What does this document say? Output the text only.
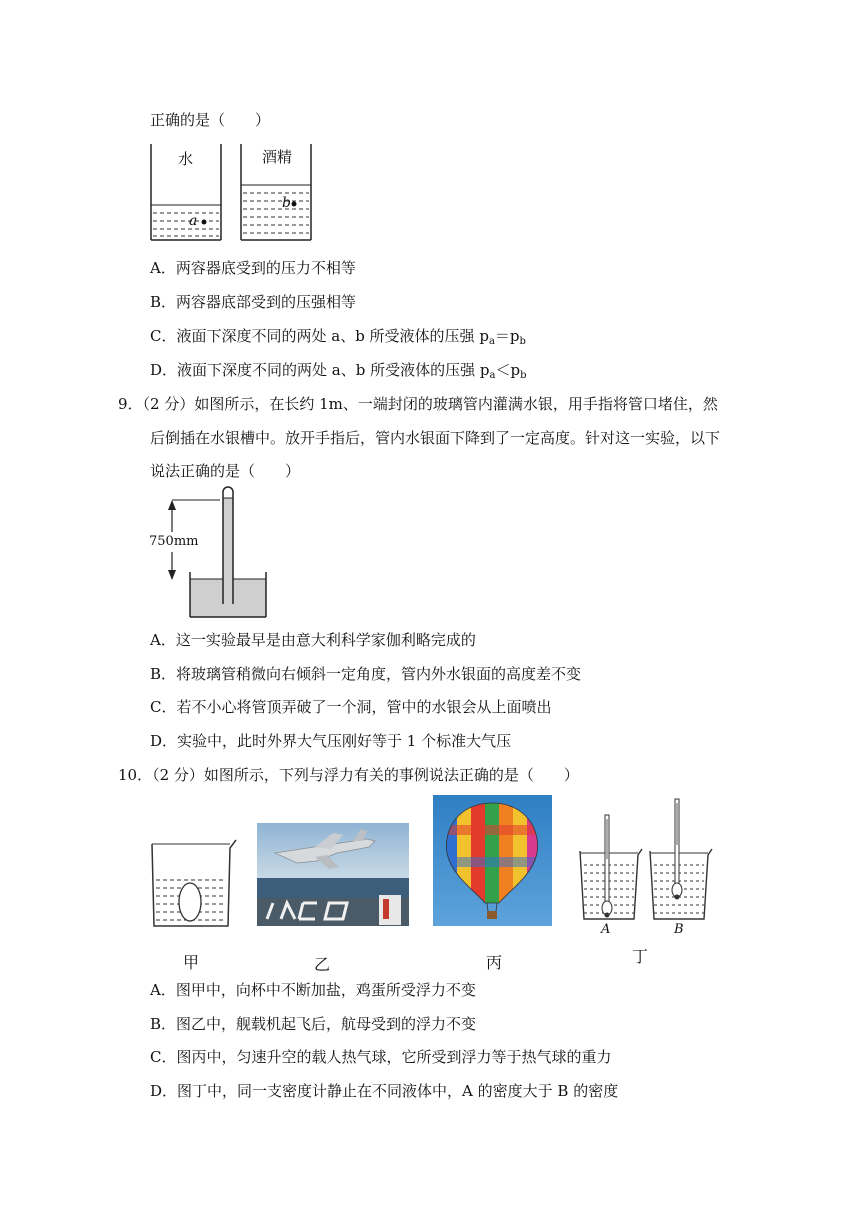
正确的是（　　）
水	酒精
a
b
A．两容器底受到的压力不相等
B．两容器底部受到的压强相等
C．液面下深度不同的两处 a、b 所受液体的压强 $p_a=p_b$
D．液面下深度不同的两处 a、b 所受液体的压强 $p_a<p_b$
9．（2 分）如图所示，在长约 1m、一端封闭的玻璃管内灌满水银，用手指将管口堵住，然
后倒插在水银槽中。放开手指后，管内水银面下降到了一定高度。针对这一实验，以下
说法正确的是（　　）
750mm
A．这一实验最早是由意大利科学家伽利略完成的
B．将玻璃管稍微向右倾斜一定角度，管内外水银面的高度差不变
C．若不小心将管顶弄破了一个洞，管中的水银会从上面喷出
D．实验中，此时外界大气压刚好等于 1 个标准大气压
10．（2 分）如图所示，下列与浮力有关的事例说法正确的是（　　）
A	B
甲	乙	丙	丁
A．图甲中，向杯中不断加盐，鸡蛋所受浮力不变
B．图乙中，舰载机起飞后，航母受到的浮力不变
C．图丙中，匀速升空的载人热气球，它所受到浮力等于热气球的重力
D．图丁中，同一支密度计静止在不同液体中，A 的密度大于 B 的密度
